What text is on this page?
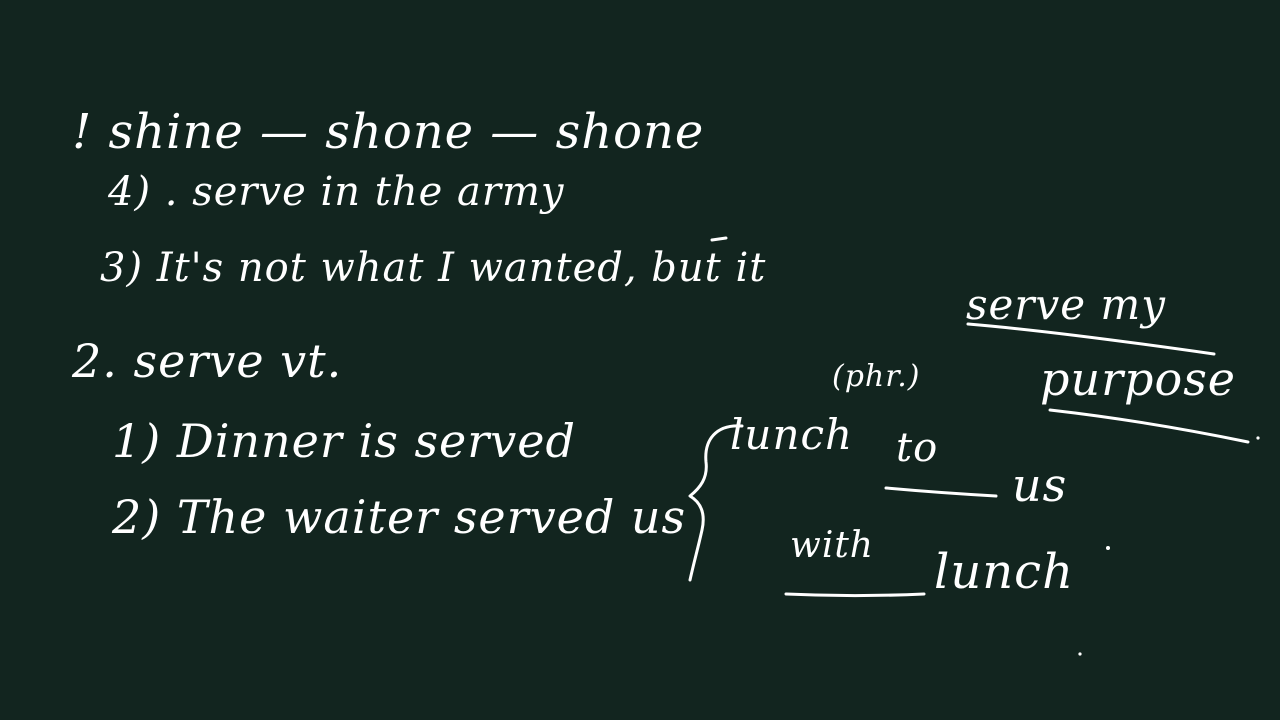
! shine — shone — shone
4) . serve in the army
3) It's not what I wanted, but it
serve my
2. serve vt.	(phr.)	purpose
1) Dinner is served	lunch to
us
2) The waiter served us
with lunch
